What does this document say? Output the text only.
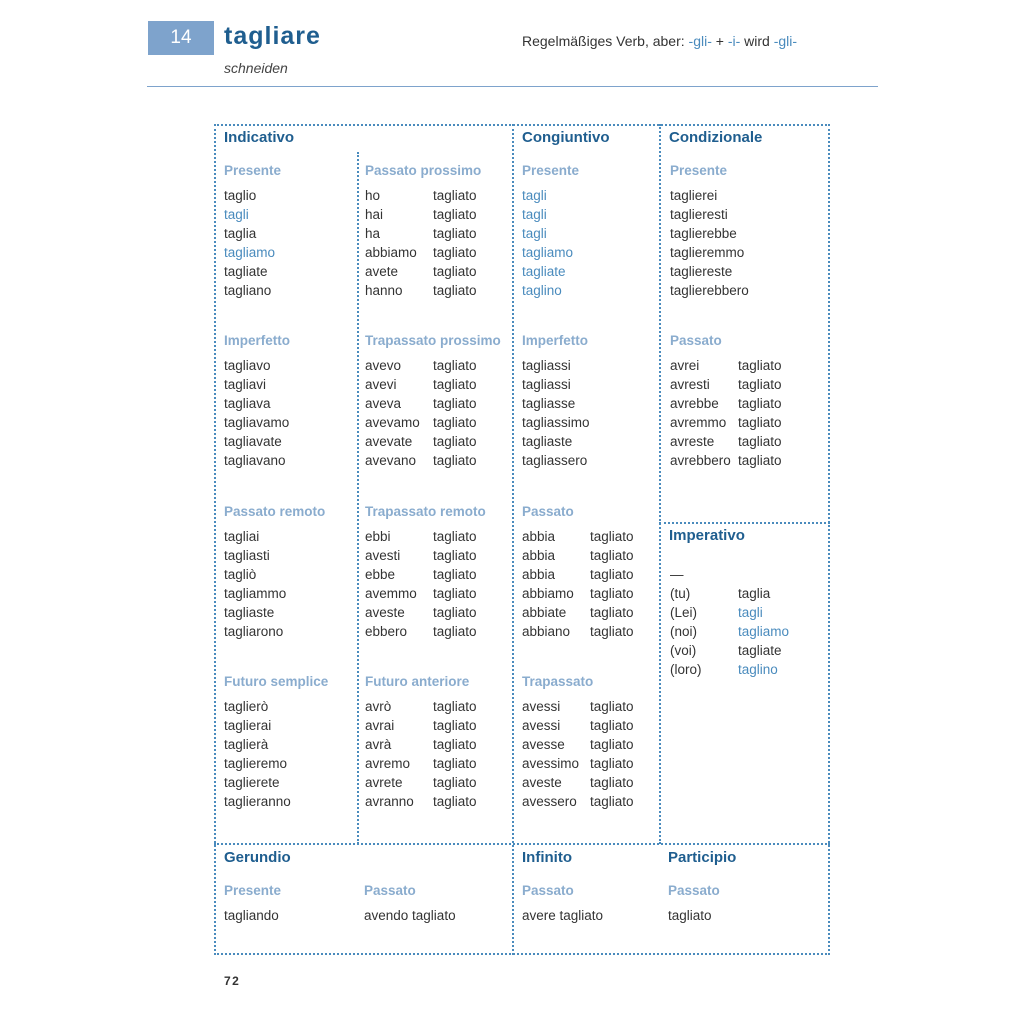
14 tagliare
schneiden
Regelmäßiges Verb, aber: -gli- + -i- wird -gli-
Indicativo	Congiuntivo	Condizionale
Imperativo
Gerundio	Infinito	Participio
Presente
taglio
tagli
taglia
tagliamo
tagliate
tagliano
Passato prossimo
ho	tagliato
hai	tagliato
ha	tagliato
abbiamo	tagliato
avete	tagliato
hanno	tagliato
Imperfetto
tagliavo
tagliavi
tagliava
tagliavamo
tagliavate
tagliavano
Trapassato prossimo
avevo	tagliato
avevi	tagliato
aveva	tagliato
avevamo tagliato
avevate	tagliato
avevano	tagliato
Passato remoto
tagliai
tagliasti
tagliò
tagliammo
tagliaste
tagliarono
Trapassato remoto
ebbi	tagliato
avesti	tagliato
ebbe	tagliato
avemmo	tagliato
aveste	tagliato
ebbero	tagliato
Futuro semplice
taglierò
taglierai
taglierà
taglieremo
taglierete
taglieranno
Futuro anteriore
avrò	tagliato
avrai	tagliato
avrà	tagliato
avremo	tagliato
avrete	tagliato
avranno	tagliato
Presente
tagli
tagli
tagli
tagliamo
tagliate
taglino
Imperfetto
tagliassi
tagliassi
tagliasse
tagliassimo
tagliaste
tagliassero
Passato
abbia	tagliato
abbia	tagliato
abbia	tagliato
abbiamo	tagliato
abbiate	tagliato
abbiano	tagliato
Trapassato
avessi	tagliato
avessi	tagliato
avesse	tagliato
avessimo tagliato
aveste	tagliato
avessero tagliato
Presente
taglierei
taglieresti
taglierebbe
taglieremmo
tagliereste
taglierebbero
Passato
avrei	tagliato
avresti	tagliato
avrebbe	tagliato
avremmo tagliato
avreste	tagliato
avrebbero tagliato
—
(tu)	taglia
(Lei)	tagli
(noi)	tagliamo
(voi)	tagliate
(loro)	taglino
Presente
tagliando
Passato
avendo tagliato
Passato
avere tagliato
Passato
tagliato
72
